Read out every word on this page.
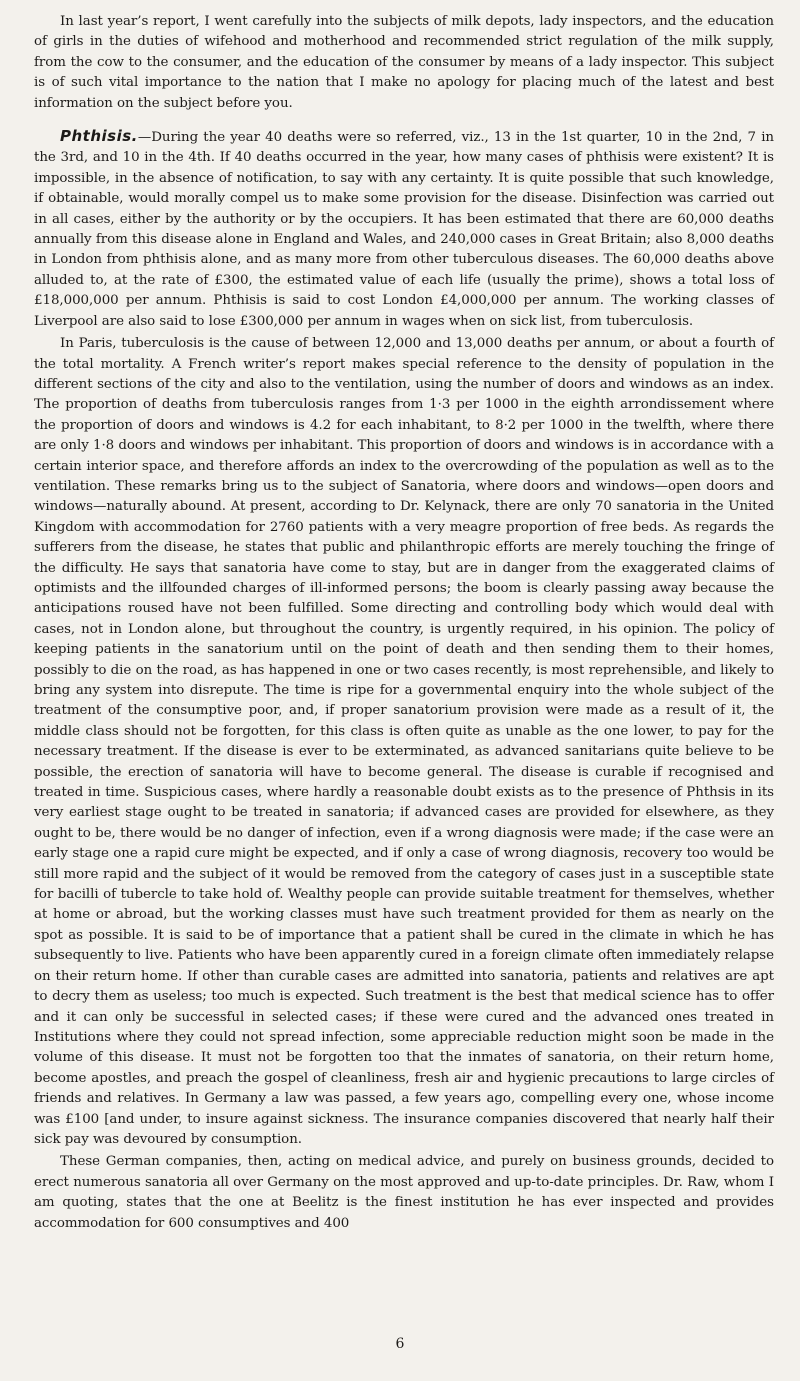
In last year’s report, I went carefully into the subjects of milk depots, lady inspectors, and the education of girls in the duties of wifehood and motherhood and recommended strict regulation of the milk supply, from the cow to the consumer, and the education of the consumer by means of a lady inspector. This subject is of such vital importance to the nation that I make no apology for placing much of the latest and best information on the subject before you.

Phthisis.—During the year 40 deaths were so referred, viz., 13 in the 1st quarter, 10 in the 2nd, 7 in the 3rd, and 10 in the 4th. If 40 deaths occurred in the year, how many cases of phthisis were existent? It is impossible, in the absence of notification, to say with any certainty. It is quite possible that such knowledge, if obtainable, would morally compel us to make some provision for the disease. Disinfection was carried out in all cases, either by the authority or by the occupiers. It has been estimated that there are 60,000 deaths annually from this disease alone in England and Wales, and 240,000 cases in Great Britain; also 8,000 deaths in London from phthisis alone, and as many more from other tuberculous diseases. The 60,000 deaths above alluded to, at the rate of £300, the estimated value of each life (usually the prime), shows a total loss of £18,000,000 per annum. Phthisis is said to cost London £4,000,000 per annum. The working classes of Liverpool are also said to lose £300,000 per annum in wages when on sick list, from tuberculosis.

In Paris, tuberculosis is the cause of between 12,000 and 13,000 deaths per annum, or about a fourth of the total mortality. A French writer’s report makes special reference to the density of population in the different sections of the city and also to the ventilation, using the number of doors and windows as an index. The proportion of deaths from tuberculosis ranges from 1·3 per 1000 in the eighth arrondissement where the proportion of doors and windows is 4.2 for each inhabitant, to 8·2 per 1000 in the twelfth, where there are only 1·8 doors and windows per inhabitant. This proportion of doors and windows is in accordance with a certain interior space, and therefore affords an index to the overcrowding of the population as well as to the ventilation. These remarks bring us to the subject of Sanatoria, where doors and windows—open doors and windows—naturally abound. At present, according to Dr. Kelynack, there are only 70 sanatoria in the United Kingdom with accommodation for 2760 patients with a very meagre proportion of free beds. As regards the sufferers from the disease, he states that public and philanthropic efforts are merely touching the fringe of the difficulty. He says that sanatoria have come to stay, but are in danger from the exaggerated claims of optimists and the illfounded charges of ill-informed persons; the boom is clearly passing away because the anticipations roused have not been fulfilled. Some directing and controlling body which would deal with cases, not in London alone, but throughout the country, is urgently required, in his opinion. The policy of keeping patients in the sanatorium until on the point of death and then sending them to their homes, possibly to die on the road, as has happened in one or two cases recently, is most reprehensible, and likely to bring any system into disrepute. The time is ripe for a governmental enquiry into the whole subject of the treatment of the consumptive poor, and, if proper sanatorium provision were made as a result of it, the middle class should not be forgotten, for this class is often quite as unable as the one lower, to pay for the necessary treatment. If the disease is ever to be exterminated, as advanced sanitarians quite believe to be possible, the erection of sanatoria will have to become general. The disease is curable if recognised and treated in time. Suspicious cases, where hardly a reasonable doubt exists as to the presence of Phthsis in its very earliest stage ought to be treated in sanatoria; if advanced cases are provided for elsewhere, as they ought to be, there would be no danger of infection, even if a wrong diagnosis were made; if the case were an early stage one a rapid cure might be expected, and if only a case of wrong diagnosis, recovery too would be still more rapid and the subject of it would be removed from the category of cases just in a susceptible state for bacilli of tubercle to take hold of. Wealthy people can provide suitable treatment for themselves, whether at home or abroad, but the working classes must have such treatment provided for them as nearly on the spot as possible. It is said to be of importance that a patient shall be cured in the climate in which he has subsequently to live. Patients who have been apparently cured in a foreign climate often immediately relapse on their return home. If other than curable cases are admitted into sanatoria, patients and relatives are apt to decry them as useless; too much is expected. Such treatment is the best that medical science has to offer and it can only be successful in selected cases; if these were cured and the advanced ones treated in Institutions where they could not spread infection, some appreciable reduction might soon be made in the volume of this disease. It must not be forgotten too that the inmates of sanatoria, on their return home, become apostles, and preach the gospel of cleanliness, fresh air and hygienic precautions to large circles of friends and relatives. In Germany a law was passed, a few years ago, compelling every one, whose income was £100 [and under, to insure against sickness. The insurance companies discovered that nearly half their sick pay was devoured by consumption.

These German companies, then, acting on medical advice, and purely on business grounds, decided to erect numerous sanatoria all over Germany on the most approved and up-to-date principles. Dr. Raw, whom I am quoting, states that the one at Beelitz is the finest institution he has ever inspected and provides accommodation for 600 consumptives and 400

6
